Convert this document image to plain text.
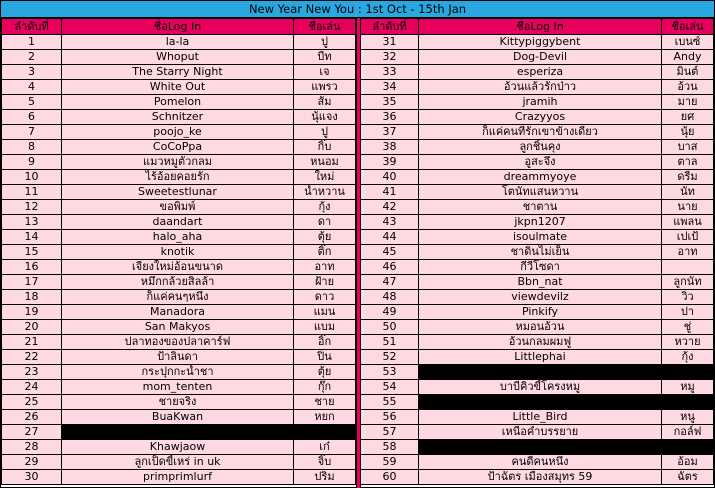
New Year New You : 1st Oct - 15th Jan
ลำดับที่	ชื่อLog In	ชื่อเล่น
1	la-la	ปู
2	Whoput	บีท
3	The Starry Night	เจ
4	White Out	แพรว
5	Pomelon	ส้ม
6	Schnitzer	นุ้แจง
7	poojo_ke	ปู
8	CoCoPpa	กิ๊บ
9	แมวหมูตัวกลม	หนอม
10	ไร้อ้อยคอยรัก	ใหม่
11	Sweetestlunar	น้ำหวาน
12	ขอพิมพ์	กุ้ง
13	daandart	ดา
14	halo_aha	ตุ้ย
15	knotik	ติ๊ก
16	เจียงใหม่อ้อนขนาด	อาท
17	หมึกกล้วยสิลล้า	ฝ้าย
18	ก็แค่คนๆหนึ่ง	ดาว
19	Manadora	แมน
20	San Makyos	แบม
21	ปลาทองของปลาคาร์ฟ	อิ๊ก
22	ป้าลินดา	ปิ๋น
23	กระปุกกะน้ำชา	ตุ้ย
24	mom_tenten	กุ๊ก
25	ชายจริง	ชาย
26	BuaKwan	หยก
27		
28	Khawjaow	เก๋
29	ลูกเป็ดขี้เหร่ in uk	จิ๊บ
30	primprimlurf	ปริม
ลำดับที่	ชื่อLog In	ชื่อเล่น
31	Kittypiggybent	เบนซ์
32	Dog-Devil	Andy
33	esperiza	มินต์
34	อ้วนแล้วรักป่าว	อ้วน
35	jramih	มาย
36	Crazyyos	ยศ
37	ก็แค่คนที่รักเขาข้างเดียว	นุ้ย
38	ลูกชิ้นคุง	บาส
39	อูสะจึง	ตาล
40	dreammyoye	ดรีม
41	โตนัทแสนหวาน	นัท
42	ชาตาน	นาย
43	jkpn1207	แพลน
44	isoulmate	เปเป้
45	ชาดินไม่เย็น	อาท
46	กีวีโซดา	
47	Bbn_nat	ลูกนัท
48	viewdevilz	วิว
49	Pinkify	ปา
50	หมอนอ้วน	ชู่
51	อ้วนกลมผมฟู	หวาย
52	Littlephai	กุ้ง
53		
54	บาบีคิวขี้โครงหมู	หมู
55		
56	Little_Bird	หนู
57	เหนือคำบรรยาย	กอล์ฟ
58		
59	คนดีคนหนึ่ง	อ้อม
60	ป้าฉัตร เมืองสมุทร 59	ฉัตร
